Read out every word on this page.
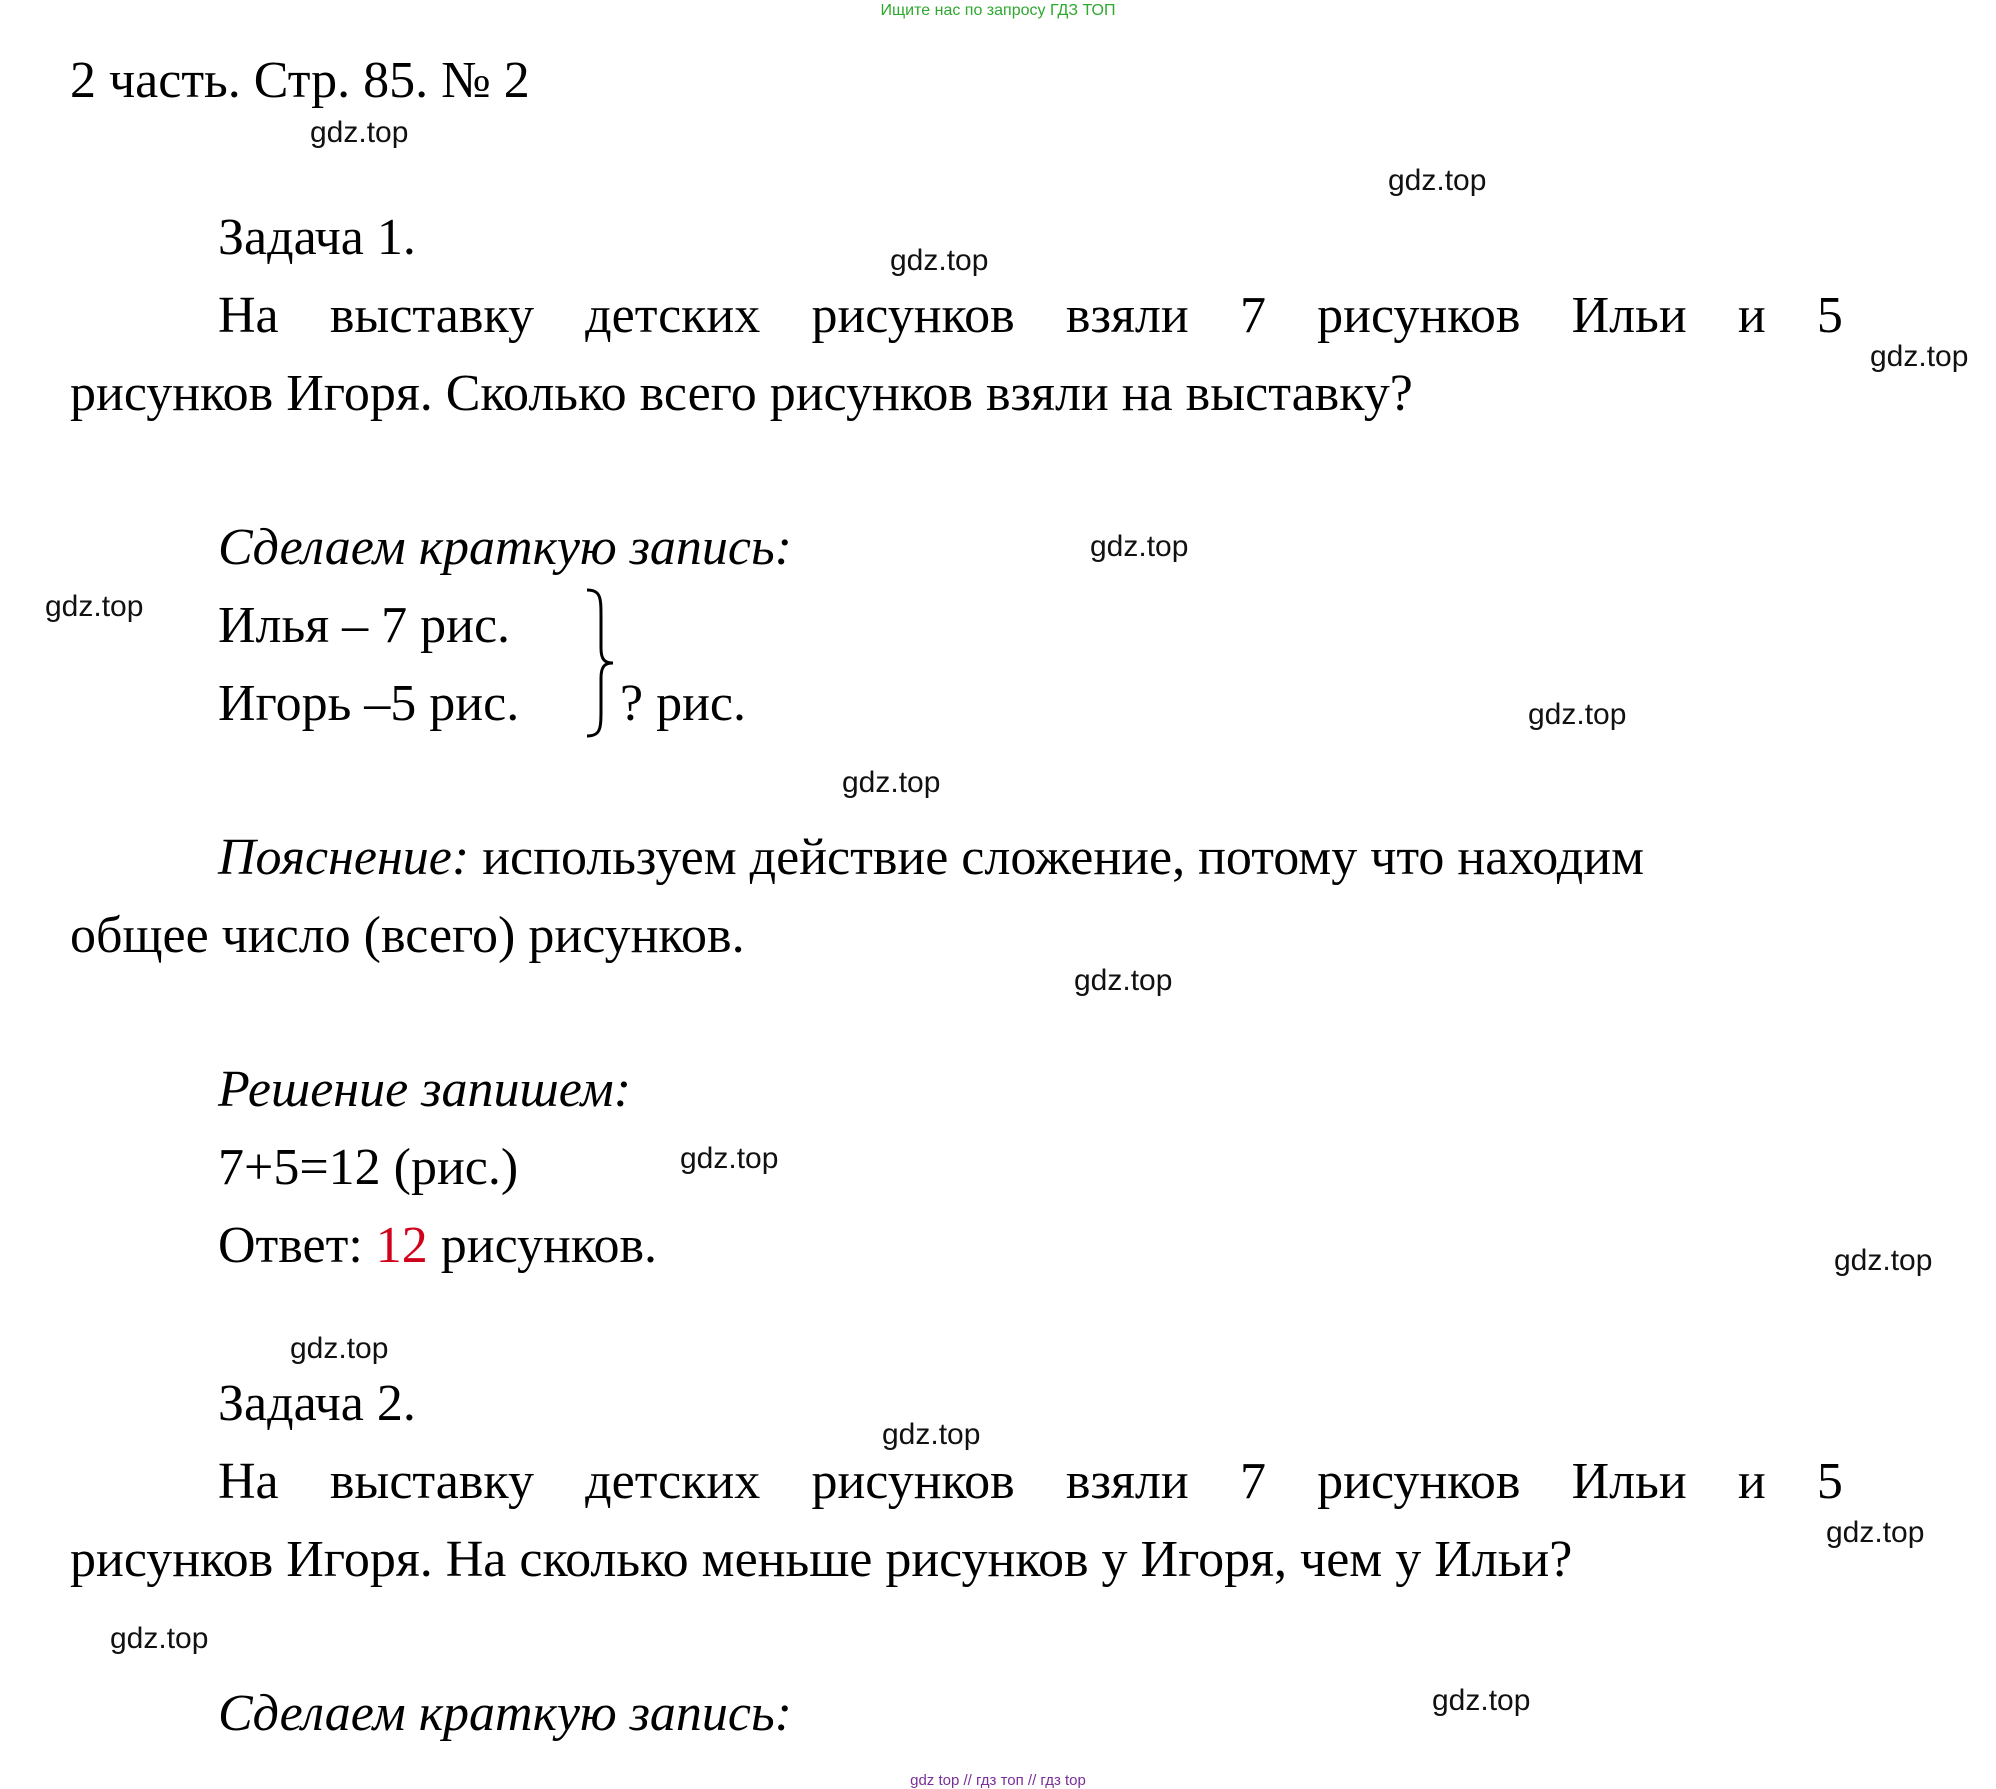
Ищите нас по запросу ГДЗ ТОП
2 часть. Стр. 85. № 2
Задача 1.
На выставку детских рисунков взяли 7 рисунков Ильи и 5
рисунков Игоря. Сколько всего рисунков взяли на выставку?
Сделаем краткую запись:
Илья – 7 рис.
Игорь –5 рис. ? рис.
Пояснение: используем действие сложение, потому что находим
общее число (всего) рисунков.
Решение запишем:
7+5=12 (рис.)
Ответ: 12 рисунков.
Задача 2.
На выставку детских рисунков взяли 7 рисунков Ильи и 5
рисунков Игоря. На сколько меньше рисунков у Игоря, чем у Ильи?
Сделаем краткую запись:
gdz.top
gdz.top
gdz.top
gdz.top
gdz.top
gdz.top
gdz.top
gdz.top
gdz.top
gdz.top
gdz.top
gdz.top
gdz.top
gdz.top
gdz.top
gdz.top
gdz top // гдз топ // гдз top
